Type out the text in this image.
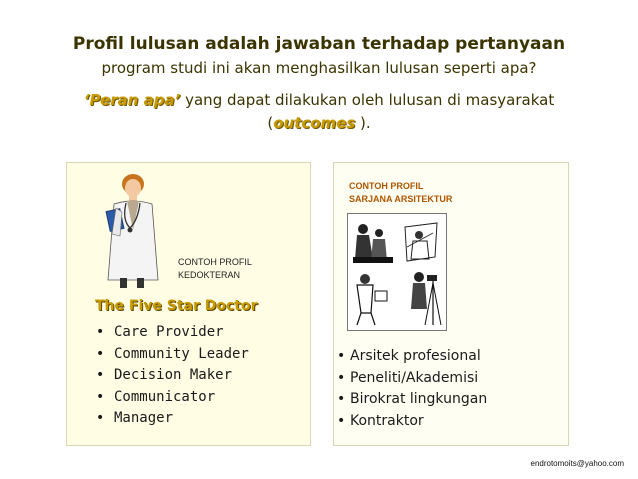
Profil lulusan adalah jawaban terhadap pertanyaan
program studi ini akan menghasilkan lulusan seperti apa?
‘Peran apa’ yang dapat dilakukan oleh lulusan di masyarakat
(outcomes ).
CONTOH PROFIL
KEDOKTERAN
The Five Star Doctor
• Care Provider
• Community Leader
• Decision Maker
• Communicator
• Manager
CONTOH PROFIL
SARJANA ARSITEKTUR
• Arsitek profesional
• Peneliti/Akademisi
• Birokrat lingkungan
• Kontraktor
endrotomoits@yahoo.com
